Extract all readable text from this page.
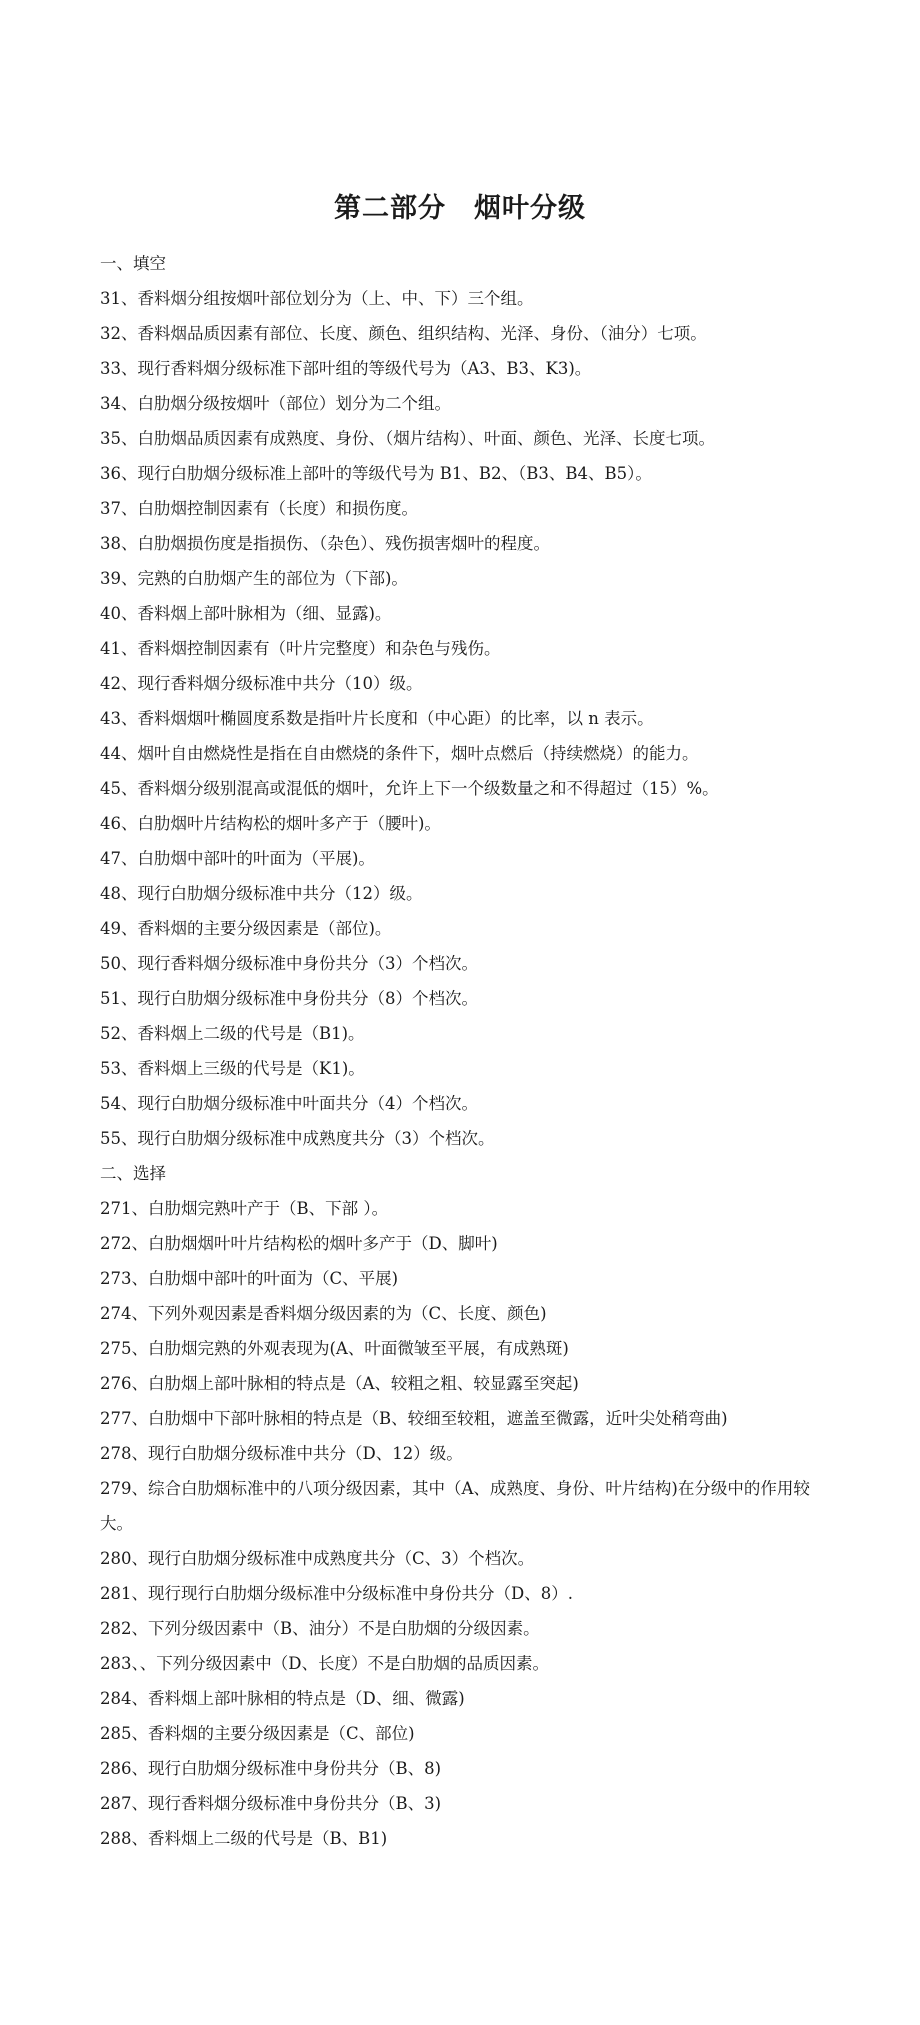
第二部分　烟叶分级
一、填空
31、香料烟分组按烟叶部位划分为（上、中、下）三个组。
32、香料烟品质因素有部位、长度、颜色、组织结构、光泽、身份、（油分）七项。
33、现行香料烟分级标准下部叶组的等级代号为（A3、B3、K3)。
34、白肋烟分级按烟叶（部位）划分为二个组。
35、白肋烟品质因素有成熟度、身份、（烟片结构）、叶面、颜色、光泽、长度七项。
36、现行白肋烟分级标准上部叶的等级代号为 B1、B2、（B3、B4、B5）。
37、白肋烟控制因素有（长度）和损伤度。
38、白肋烟损伤度是指损伤、（杂色）、残伤损害烟叶的程度。
39、完熟的白肋烟产生的部位为（下部)。
40、香料烟上部叶脉相为（细、显露)。
41、香料烟控制因素有（叶片完整度）和杂色与残伤。
42、现行香料烟分级标准中共分（10）级。
43、香料烟烟叶椭圆度系数是指叶片长度和（中心距）的比率，以 n 表示。
44、烟叶自由燃烧性是指在自由燃烧的条件下，烟叶点燃后（持续燃烧）的能力。
45、香料烟分级别混高或混低的烟叶，允许上下一个级数量之和不得超过（15）%。
46、白肋烟叶片结构松的烟叶多产于（腰叶)。
47、白肋烟中部叶的叶面为（平展)。
48、现行白肋烟分级标准中共分（12）级。
49、香料烟的主要分级因素是（部位)。
50、现行香料烟分级标准中身份共分（3）个档次。
51、现行白肋烟分级标准中身份共分（8）个档次。
52、香料烟上二级的代号是（B1)。
53、香料烟上三级的代号是（K1)。
54、现行白肋烟分级标准中叶面共分（4）个档次。
55、现行白肋烟分级标准中成熟度共分（3）个档次。
二、选择
271、白肋烟完熟叶产于（B、下部 ）。
272、白肋烟烟叶叶片结构松的烟叶多产于（D、脚叶)
273、白肋烟中部叶的叶面为（C、平展)
274、下列外观因素是香料烟分级因素的为（C、长度、颜色)
275、白肋烟完熟的外观表现为(A、叶面微皱至平展，有成熟斑)
276、白肋烟上部叶脉相的特点是（A、较粗之粗、较显露至突起)
277、白肋烟中下部叶脉相的特点是（B、较细至较粗，遮盖至微露，近叶尖处稍弯曲)
278、现行白肋烟分级标准中共分（D、12）级。
279、综合白肋烟标准中的八项分级因素，其中（A、成熟度、身份、叶片结构)在分级中的作用较大。
280、现行白肋烟分级标准中成熟度共分（C、3）个档次。
281、现行现行白肋烟分级标准中分级标准中身份共分（D、8）.
282、下列分级因素中（B、油分）不是白肋烟的分级因素。
283、、下列分级因素中（D、长度）不是白肋烟的品质因素。
284、香料烟上部叶脉相的特点是（D、细、微露)
285、香料烟的主要分级因素是（C、部位)
286、现行白肋烟分级标准中身份共分（B、8)
287、现行香料烟分级标准中身份共分（B、3)
288、香料烟上二级的代号是（B、B1)
